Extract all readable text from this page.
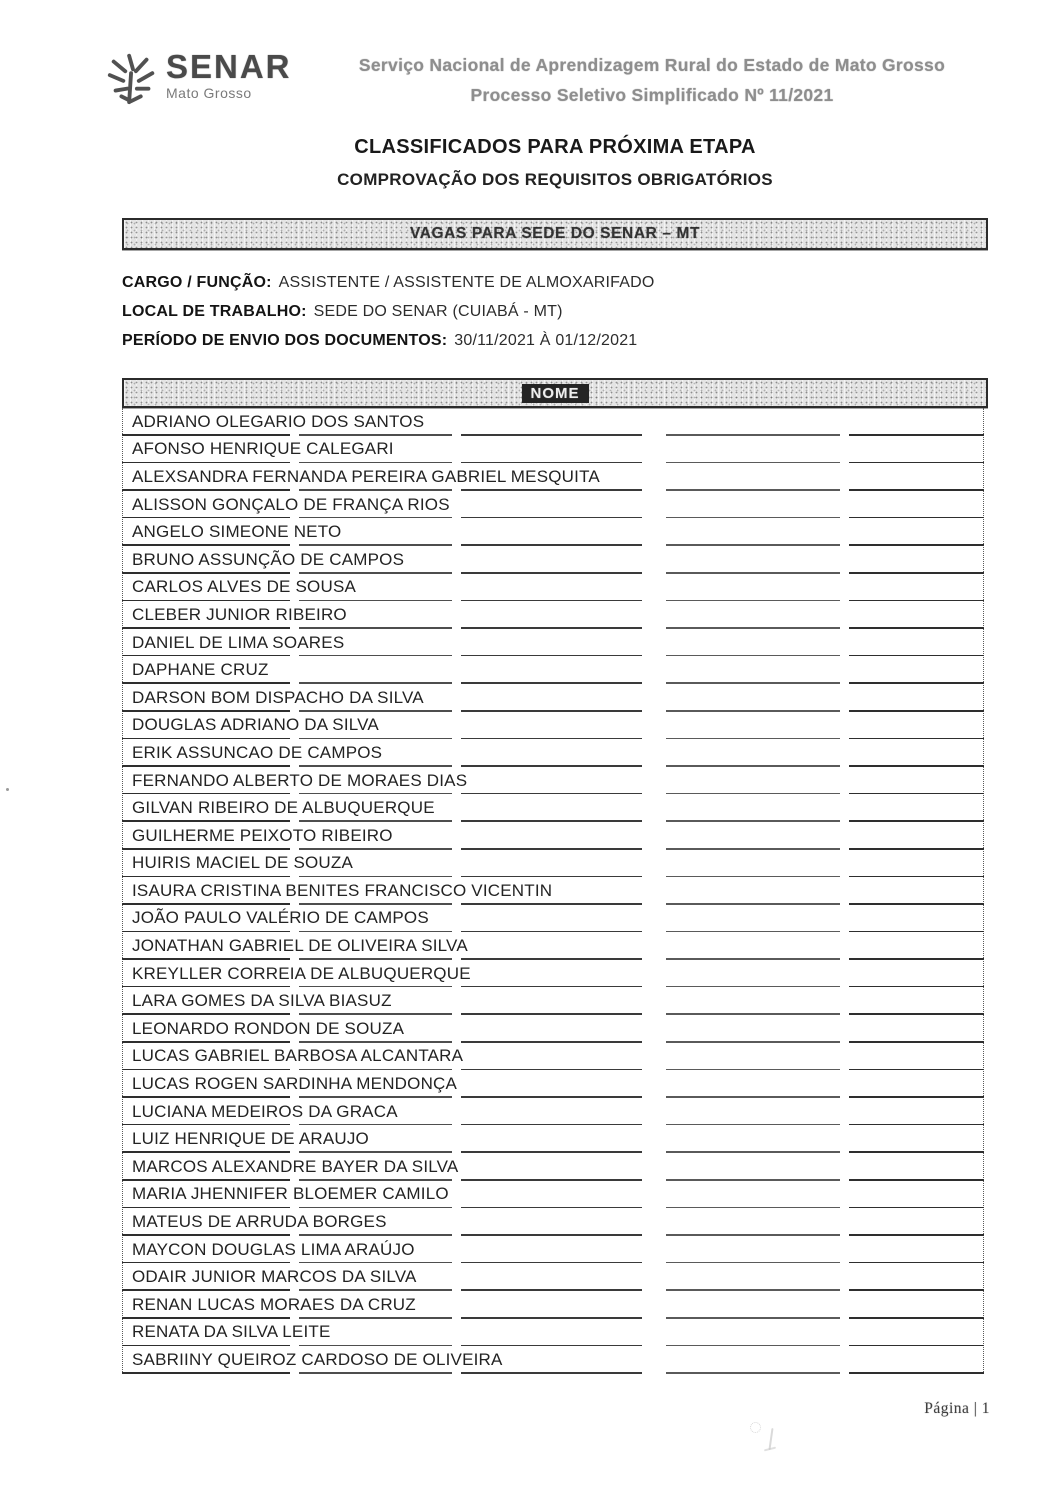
SENAR
Mato Grosso
Serviço Nacional de Aprendizagem Rural do Estado de Mato Grosso
Processo Seletivo Simplificado Nº 11/2021
CLASSIFICADOS PARA PRÓXIMA ETAPA
COMPROVAÇÃO DOS REQUISITOS OBRIGATÓRIOS
VAGAS PARA SEDE DO SENAR – MT
CARGO / FUNÇÃO: ASSISTENTE / ASSISTENTE DE ALMOXARIFADO
LOCAL DE TRABALHO: SEDE DO SENAR (CUIABÁ - MT)
PERÍODO DE ENVIO DOS DOCUMENTOS: 30/11/2021 À 01/12/2021
NOME
ADRIANO OLEGARIO DOS SANTOS
AFONSO HENRIQUE CALEGARI
ALEXSANDRA FERNANDA PEREIRA GABRIEL MESQUITA
ALISSON GONÇALO DE FRANÇA RIOS
ANGELO SIMEONE NETO
BRUNO ASSUNÇÃO DE CAMPOS
CARLOS ALVES DE SOUSA
CLEBER JUNIOR RIBEIRO
DANIEL DE LIMA SOARES
DAPHANE CRUZ
DARSON BOM DISPACHO DA SILVA
DOUGLAS ADRIANO DA SILVA
ERIK ASSUNCAO DE CAMPOS
FERNANDO ALBERTO DE MORAES DIAS
GILVAN RIBEIRO DE ALBUQUERQUE
GUILHERME PEIXOTO RIBEIRO
HUIRIS MACIEL DE SOUZA
ISAURA CRISTINA BENITES FRANCISCO VICENTIN
JOÃO PAULO VALÉRIO DE CAMPOS
JONATHAN GABRIEL DE OLIVEIRA SILVA
KREYLLER CORREIA DE ALBUQUERQUE
LARA GOMES DA SILVA BIASUZ
LEONARDO RONDON DE SOUZA
LUCAS GABRIEL BARBOSA ALCANTARA
LUCAS ROGEN SARDINHA MENDONÇA
LUCIANA MEDEIROS DA GRACA
LUIZ HENRIQUE DE ARAUJO
MARCOS ALEXANDRE BAYER DA SILVA
MARIA JHENNIFER BLOEMER CAMILO
MATEUS DE ARRUDA BORGES
MAYCON DOUGLAS LIMA ARAÚJO
ODAIR JUNIOR MARCOS DA SILVA
RENAN LUCAS MORAES DA CRUZ
RENATA DA SILVA LEITE
SABRIINY QUEIROZ CARDOSO DE OLIVEIRA
Página | 1
